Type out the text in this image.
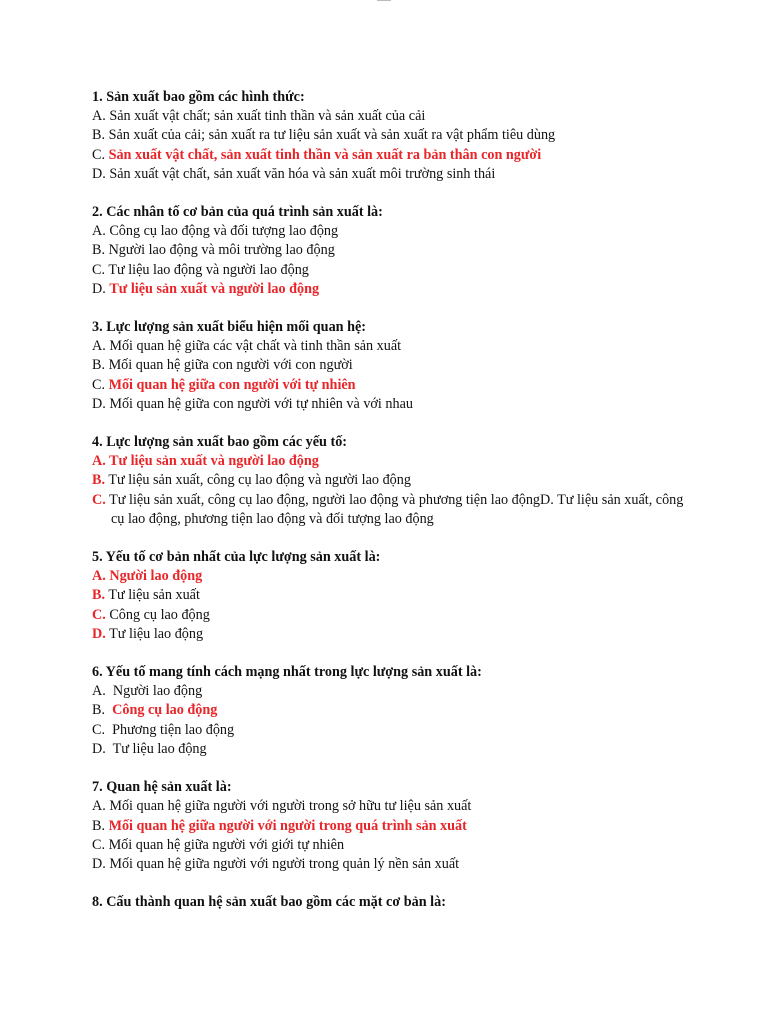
1. Sản xuất bao gồm các hình thức:
A. Sản xuất vật chất; sản xuất tinh thần và sản xuất của cải
B. Sản xuất của cải; sản xuất ra tư liệu sản xuất và sản xuất ra vật phẩm tiêu dùng
C. Sản xuất vật chất, sản xuất tinh thần và sản xuất ra bản thân con người
D. Sản xuất vật chất, sản xuất văn hóa và sản xuất môi trường sinh thái
2. Các nhân tố cơ bản của quá trình sản xuất là:
A. Công cụ lao động và đối tượng lao động
B. Người lao động và môi trường lao động
C. Tư liệu lao động và người lao động
D. Tư liệu sản xuất và người lao động
3. Lực lượng sản xuất biểu hiện mối quan hệ:
A. Mối quan hệ giữa các vật chất và tinh thần sản xuất
B. Mối quan hệ giữa con người với con người
C. Mối quan hệ giữa con người với tự nhiên
D. Mối quan hệ giữa con người với tự nhiên và với nhau
4. Lực lượng sản xuất bao gồm các yếu tố:
A. Tư liệu sản xuất và người lao động
B. Tư liệu sản xuất, công cụ lao động và người lao động
C. Tư liệu sản xuất, công cụ lao động, người lao động và phương tiện lao độngD. Tư liệu sản xuất, công cụ lao động, phương tiện lao động và đối tượng lao động
5. Yếu tố cơ bản nhất của lực lượng sản xuất là:
A. Người lao động
B. Tư liệu sản xuất
C. Công cụ lao động
D. Tư liệu lao động
6. Yếu tố mang tính cách mạng nhất trong lực lượng sản xuất là:
A. Người lao động
B. Công cụ lao động
C. Phương tiện lao động
D. Tư liệu lao động
7. Quan hệ sản xuất là:
A. Mối quan hệ giữa người với người trong sở hữu tư liệu sản xuất
B. Mối quan hệ giữa người với người trong quá trình sản xuất
C. Mối quan hệ giữa người với giới tự nhiên
D. Mối quan hệ giữa người với người trong quản lý nền sản xuất
8. Cấu thành quan hệ sản xuất bao gồm các mặt cơ bản là:
